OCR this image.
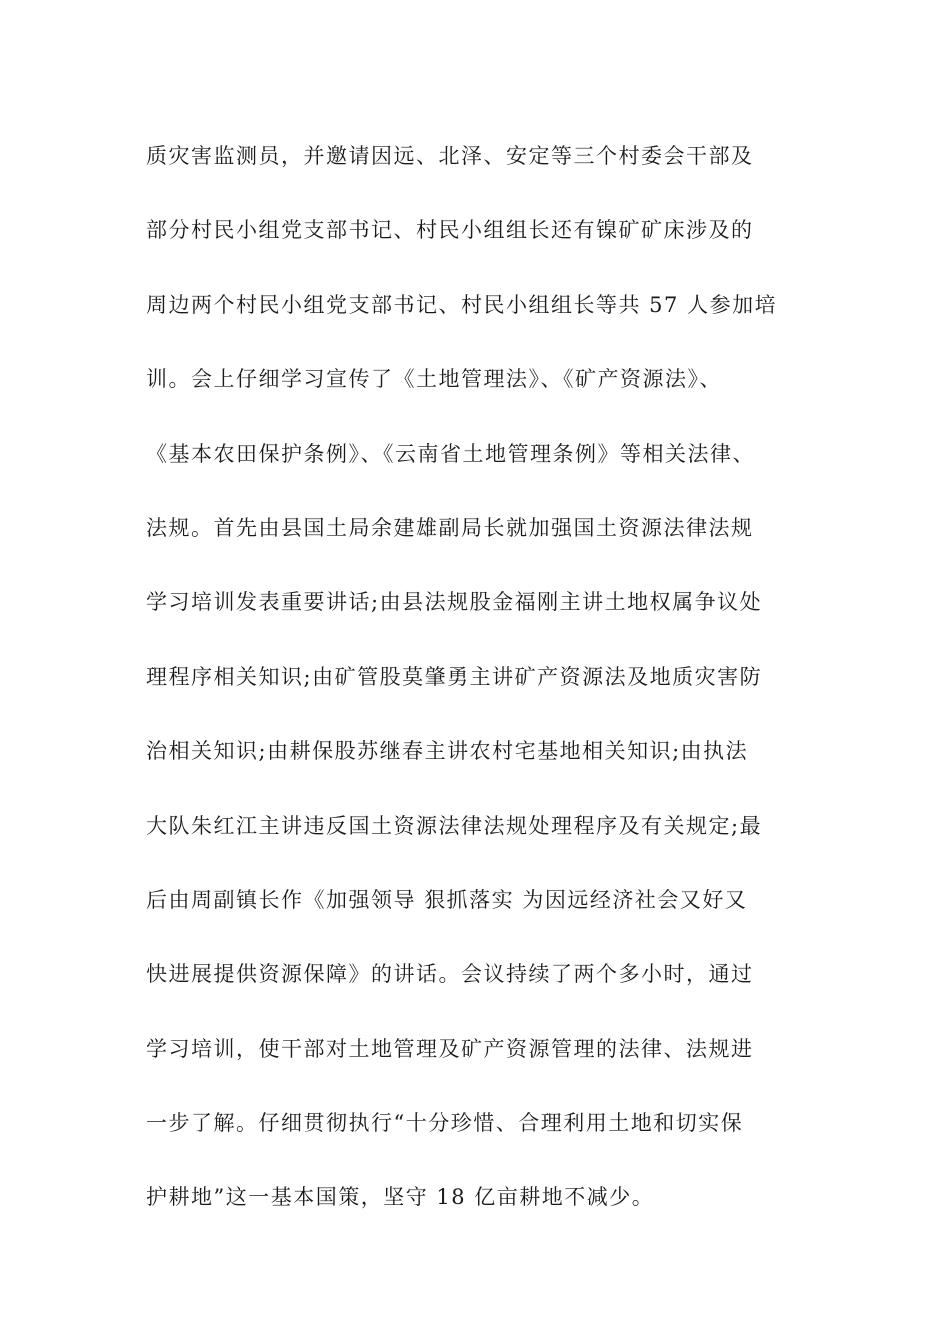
质灾害监测员，并邀请因远、北泽、安定等三个村委会干部及
部分村民小组党支部书记、村民小组组长还有镍矿矿床涉及的
周边两个村民小组党支部书记、村民小组组长等共 57 人参加培
训。会上仔细学习宣传了《土地管理法》、《矿产资源法》、
《基本农田保护条例》、《云南省土地管理条例》等相关法律、
法规。首先由县国土局余建雄副局长就加强国土资源法律法规
学习培训发表重要讲话;由县法规股金福刚主讲土地权属争议处
理程序相关知识;由矿管股莫肇勇主讲矿产资源法及地质灾害防
治相关知识;由耕保股苏继春主讲农村宅基地相关知识;由执法
大队朱红江主讲违反国土资源法律法规处理程序及有关规定;最
后由周副镇长作《加强领导 狠抓落实 为因远经济社会又好又
快进展提供资源保障》的讲话。会议持续了两个多小时，通过
学习培训，使干部对土地管理及矿产资源管理的法律、法规进
一步了解。仔细贯彻执行“十分珍惜、合理利用土地和切实保
护耕地”这一基本国策，坚守 18 亿亩耕地不减少。
